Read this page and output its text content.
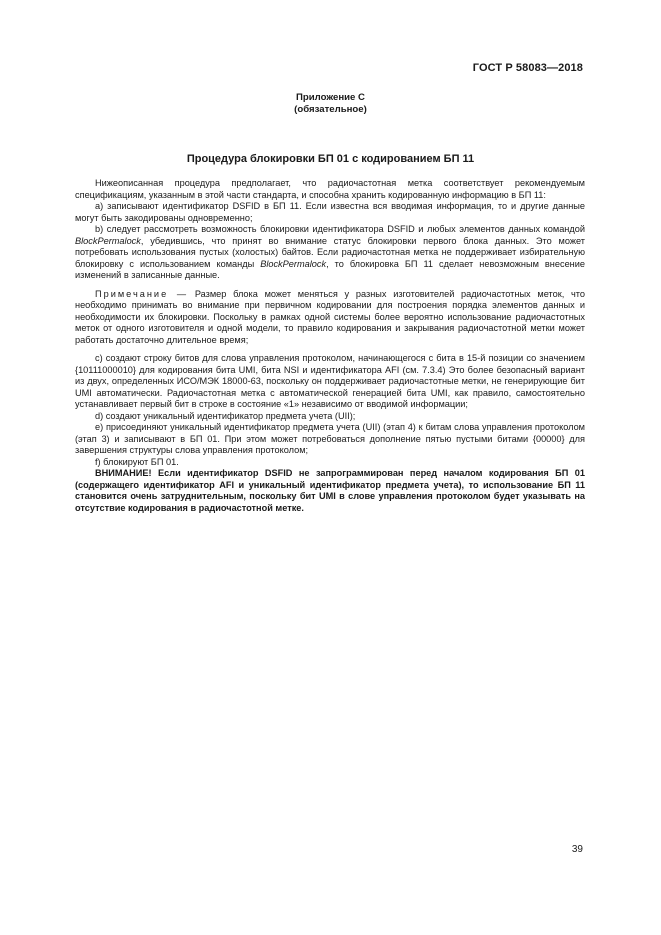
ГОСТ Р 58083—2018
Приложение С
(обязательное)
Процедура блокировки БП 01 с кодированием БП 11

Нижеописанная процедура предполагает, что радиочастотная метка соответствует рекомендуемым спецификациям, указанным в этой части стандарта, и способна хранить кодированную информацию в БП 11:

a) записывают идентификатор DSFID в БП 11. Если известна вся вводимая информация, то и другие данные могут быть закодированы одновременно;

b) следует рассмотреть возможность блокировки идентификатора DSFID и любых элементов данных командой BlockPermalock, убедившись, что принят во внимание статус блокировки первого блока данных. Это может потребовать использования пустых (холостых) байтов. Если радиочастотная метка не поддерживает избирательную блокировку с использованием команды BlockPermalock, то блокировка БП 11 сделает невозможным внесение изменений в записанные данные.

Примечание — Размер блока может меняться у разных изготовителей радиочастотных меток, что необходимо принимать во внимание при первичном кодировании для построения порядка элементов данных и необходимости их блокировки. Поскольку в рамках одной системы более вероятно использование радиочастотных меток от одного изготовителя и одной модели, то правило кодирования и закрывания радиочастотной метки может работать достаточно длительное время;

c) создают строку битов для слова управления протоколом, начинающегося с бита в 15-й позиции со значением {10111000010} для кодирования бита UMI, бита NSI и идентификатора AFI (см. 7.3.4) Это более безопасный вариант из двух, определенных ИСО/МЭК 18000-63, поскольку он поддерживает радиочастотные метки, не генерирующие бит UMI автоматически. Радиочастотная метка с автоматической генерацией бита UMI, как правило, самостоятельно устанавливает первый бит в строке в состояние «1» независимо от вводимой информации;

d) создают уникальный идентификатор предмета учета (UII);

e) присоединяют уникальный идентификатор предмета учета (UII) (этап 4) к битам слова управления протоколом (этап 3) и записывают в БП 01. При этом может потребоваться дополнение пятью пустыми битами {00000} для завершения структуры слова управления протоколом;

f) блокируют БП 01.

ВНИМАНИЕ! Если идентификатор DSFID не запрограммирован перед началом кодирования БП 01 (содержащего идентификатор AFI и уникальный идентификатор предмета учета), то использование БП 11 становится очень затруднительным, поскольку бит UMI в слове управления протоколом будет указывать на отсутствие кодирования в радиочастотной метке.

39
